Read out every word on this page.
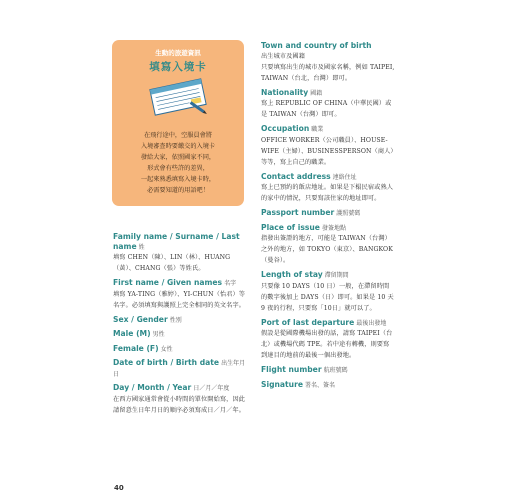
生動的旅遊資訊
填寫入境卡
在飛行途中，空服員會將
入境審查時要繳交的入境卡
發給大家，依照國家不同，
形式會有些許的差異，
一起來熟悉填寫入境卡時，
必需要知道的用語吧！
Family name / Surname / Last name 姓
填寫 CHEN（陳）、LIN（林）、HUANG（黃）、CHANG（張）等姓氏。
First name / Given names 名字
填寫 YA-TING（雅婷）、YI-CHUN（怡君）等名字。必須填寫與護照上完全相同的英文名字。
Sex / Gender 性別
Male (M) 男性
Female (F) 女性
Date of birth / Birth date 出生年月日
Day / Month / Year 日／月／年度
在西方國家通常會從小時間的單位開始寫，因此請留意生日年月日的順序必須寫成日／月／年。
Town and country of birth
出生城市及國籍
只要填寫出生的城市及國家名稱，例如 TAIPEI, TAIWAN（台北，台灣）即可。
Nationality 國籍
寫上 REPUBLIC OF CHINA（中華民國）或是 TAIWAN（台灣）即可。
Occupation 職業
OFFICE WORKER（公司職員）、HOUSE-WIFE（主婦）、BUSINESSPERSON（商人）等等，寫上自己的職業。
Contact address 連絡住址
寫上已預約的飯店地址。如果是下榻民宿或熟人的家中的情況，只要寫該住家的地址即可。
Passport number 護照號碼
Place of issue 發簽地點
指發出簽證的地方，可能是 TAIWAN（台灣）之外的地方，如 TOKYO（東京）、BANGKOK（曼谷）。
Length of stay 滯留期間
只要像 10 DAYS（10 日）一般，在滯留時間的數字後加上 DAYS（日）即可。如果是 10 天 9 夜的行程，只要寫「10日」就可以了。
Port of last departure 最後出發地
假設是從國際機場出發的話，請寫 TAIPEI（台北）或機場代碼 TPE。若中途有轉機，則要寫到達目的地前的最後一個出發地。
Flight number 航班號碼
Signature 署名、簽名
40
